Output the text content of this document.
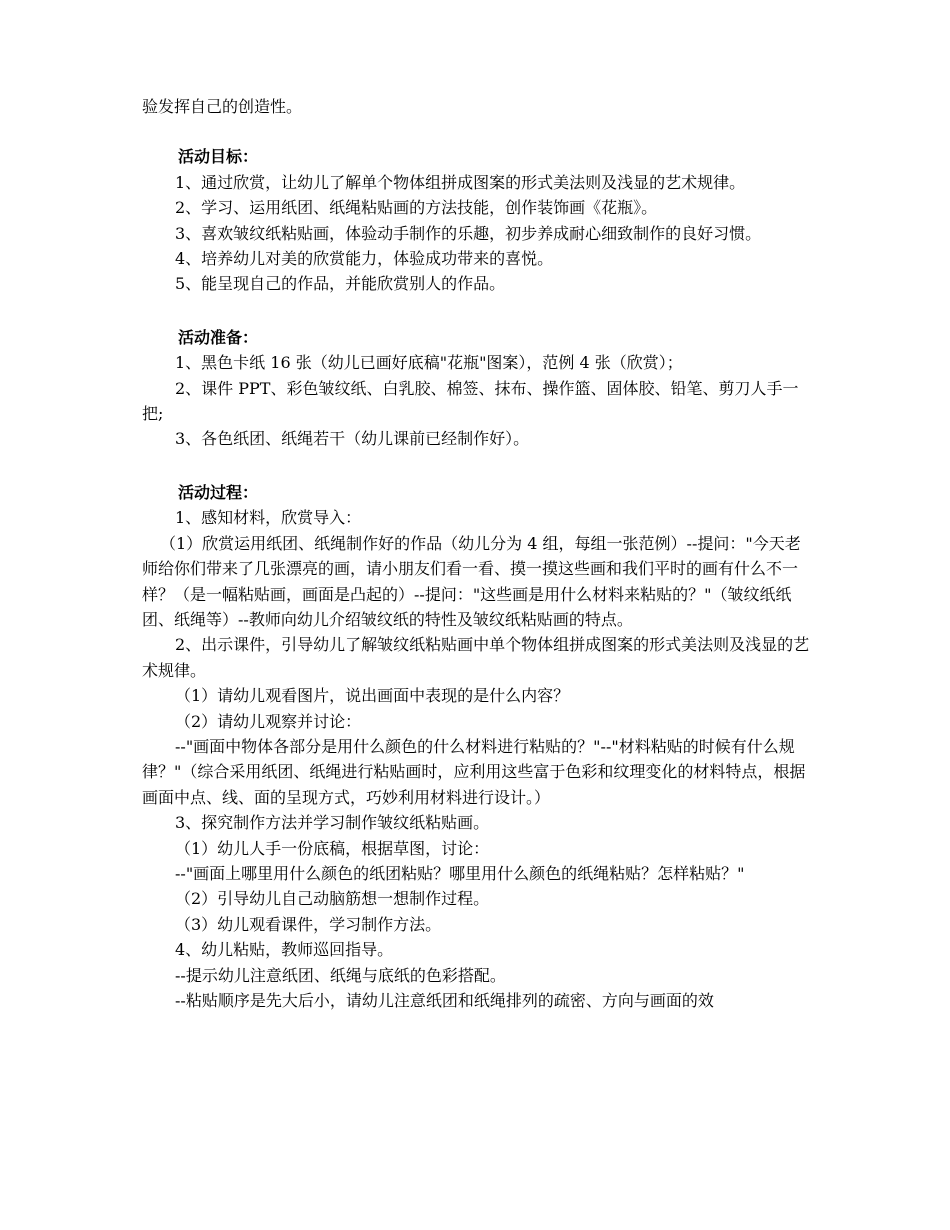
验发挥自己的创造性。

活动目标：

1、通过欣赏，让幼儿了解单个物体组拼成图案的形式美法则及浅显的艺术规律。

2、学习、运用纸团、纸绳粘贴画的方法技能，创作装饰画《花瓶》。

3、喜欢皱纹纸粘贴画，体验动手制作的乐趣，初步养成耐心细致制作的良好习惯。

4、培养幼儿对美的欣赏能力，体验成功带来的喜悦。

5、能呈现自己的作品，并能欣赏别人的作品。

活动准备：

1、黑色卡纸 16 张（幼儿已画好底稿"花瓶"图案），范例 4 张（欣赏）；

2、课件 PPT、彩色皱纹纸、白乳胶、棉签、抹布、操作篮、固体胶、铅笔、剪刀人手一把;

3、各色纸团、纸绳若干（幼儿课前已经制作好）。

活动过程：

1、感知材料，欣赏导入：

（1）欣赏运用纸团、纸绳制作好的作品（幼儿分为 4 组，每组一张范例）--提问："今天老师给你们带来了几张漂亮的画，请小朋友们看一看、摸一摸这些画和我们平时的画有什么不一样？（是一幅粘贴画，画面是凸起的）--提问："这些画是用什么材料来粘贴的？"（皱纹纸纸团、纸绳等）--教师向幼儿介绍皱纹纸的特性及皱纹纸粘贴画的特点。

2、出示课件，引导幼儿了解皱纹纸粘贴画中单个物体组拼成图案的形式美法则及浅显的艺术规律。

（1）请幼儿观看图片，说出画面中表现的是什么内容？

（2）请幼儿观察并讨论：

--"画面中物体各部分是用什么颜色的什么材料进行粘贴的？"--"材料粘贴的时候有什么规律？"（综合采用纸团、纸绳进行粘贴画时，应利用这些富于色彩和纹理变化的材料特点，根据画面中点、线、面的呈现方式，巧妙利用材料进行设计。）

3、探究制作方法并学习制作皱纹纸粘贴画。

（1）幼儿人手一份底稿，根据草图，讨论：

--"画面上哪里用什么颜色的纸团粘贴？哪里用什么颜色的纸绳粘贴？怎样粘贴？"

（2）引导幼儿自己动脑筋想一想制作过程。

（3）幼儿观看课件，学习制作方法。

4、幼儿粘贴，教师巡回指导。

--提示幼儿注意纸团、纸绳与底纸的色彩搭配。

--粘贴顺序是先大后小，请幼儿注意纸团和纸绳排列的疏密、方向与画面的效
